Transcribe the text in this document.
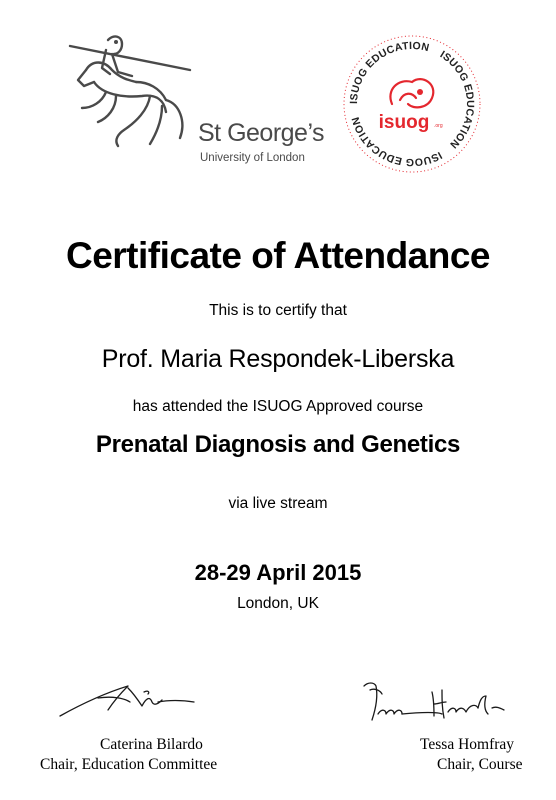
St George’s
University of London
ISUOG EDUCATION
ISUOG EDUCATION
ISUOG EDUCATION isuog .org
Certificate of Attendance
This is to certify that
Prof. Maria Respondek-Liberska
has attended the ISUOG Approved course
Prenatal Diagnosis and Genetics
via live stream
28-29 April 2015
London, UK
Caterina Bilardo
Chair, Education Committee
Tessa Homfray
Chair, Course
